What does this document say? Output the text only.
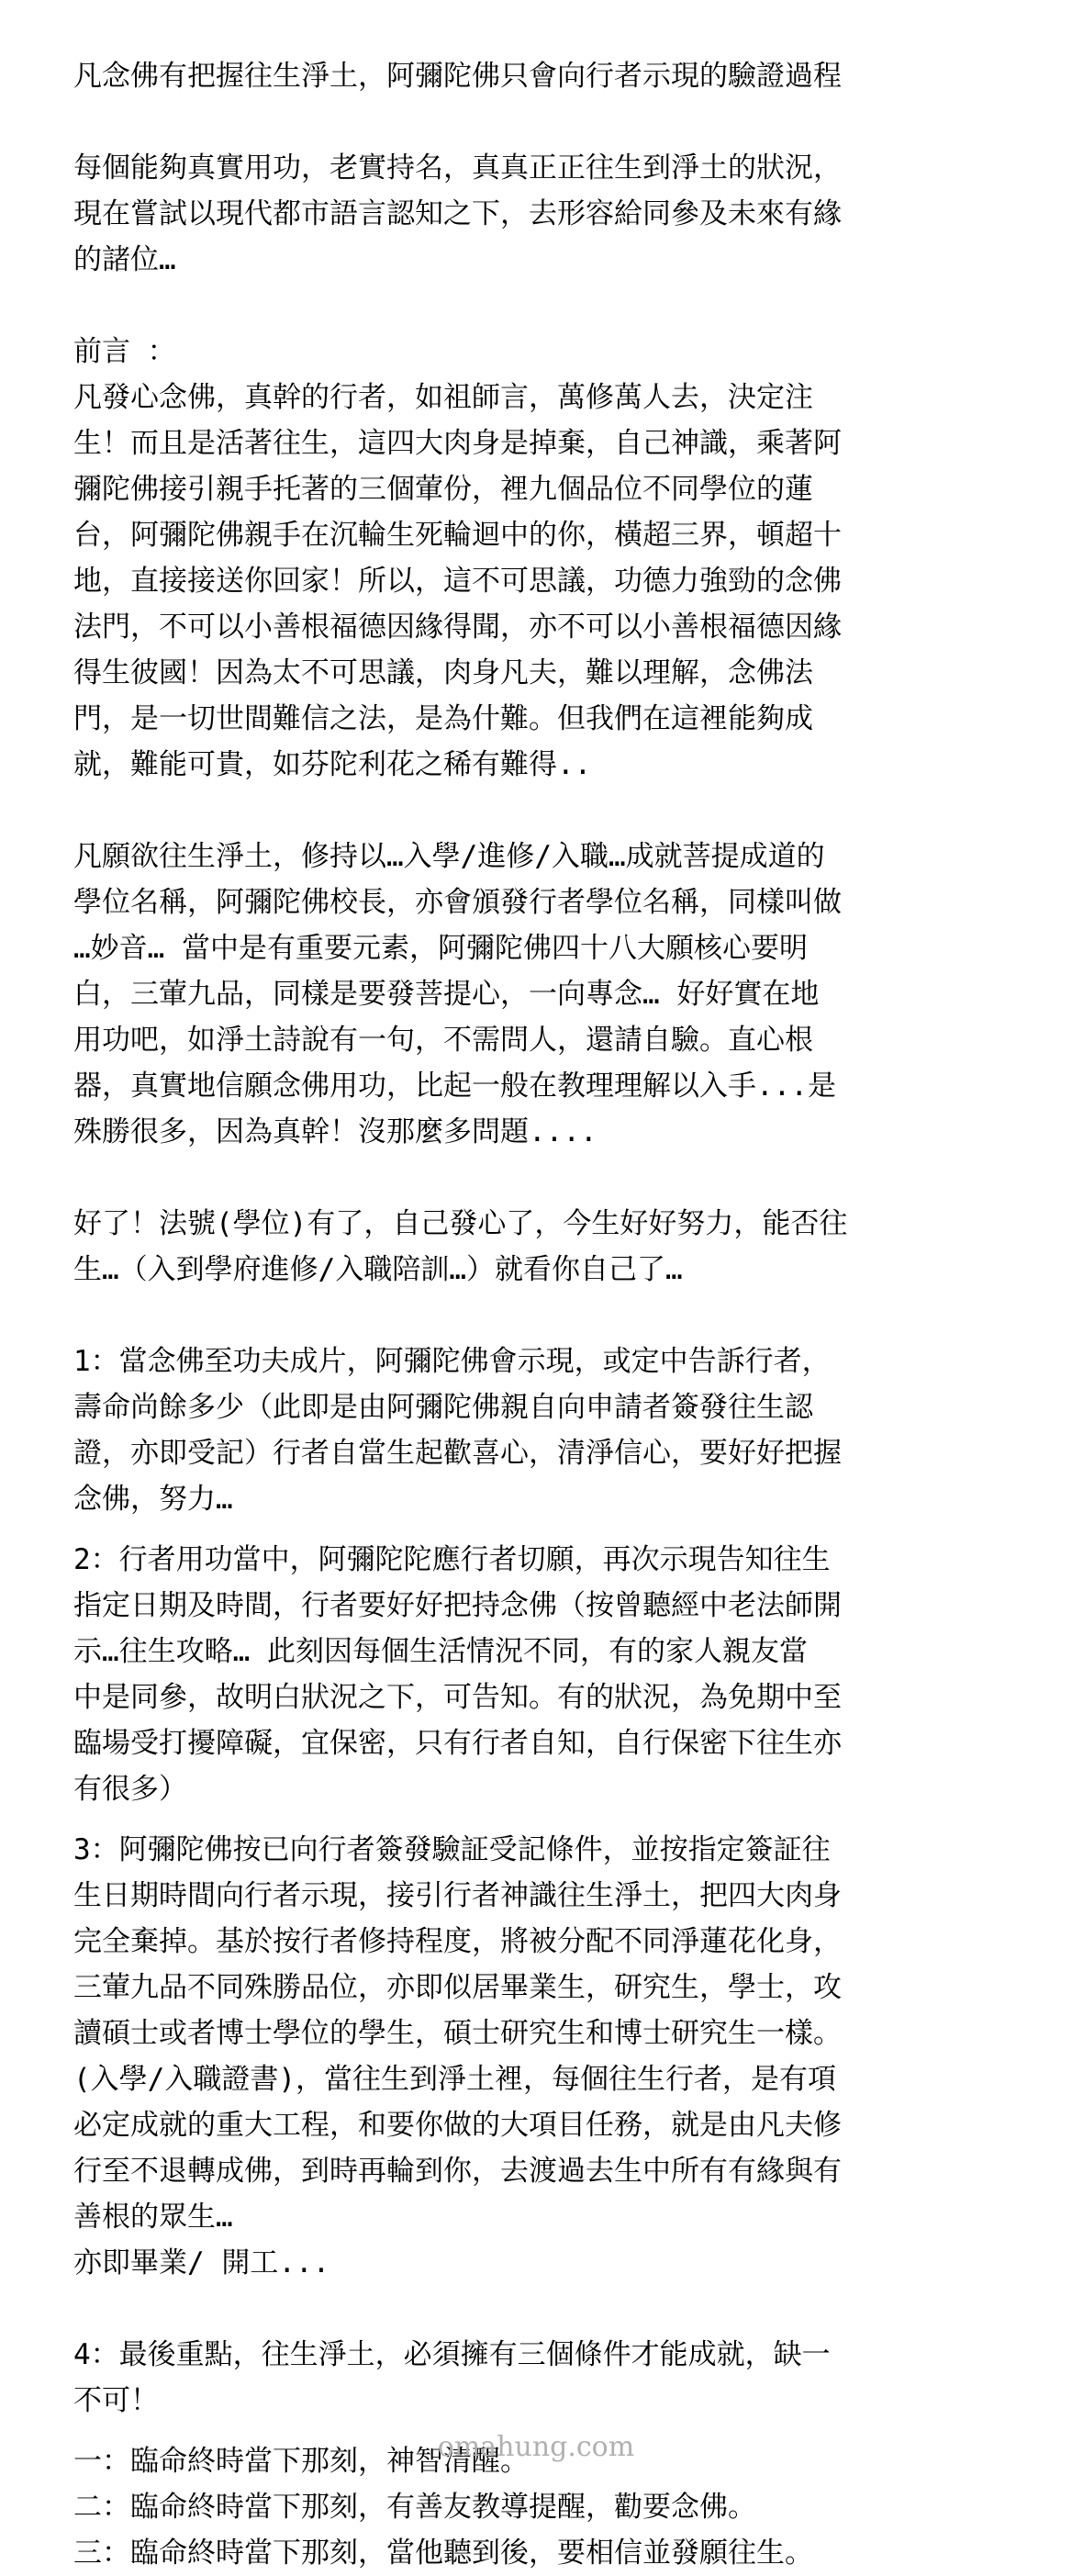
凡念佛有把握往生淨土，阿彌陀佛只會向行者示現的驗證過程
每個能夠真實用功，老實持名，真真正正往生到淨土的狀況，
現在嘗試以現代都市語言認知之下，去形容給同參及未來有緣
的諸位…
前言 ：
凡發心念佛，真幹的行者，如祖師言，萬修萬人去，決定注
生！而且是活著往生，這四大肉身是掉棄，自己神識，乘著阿
彌陀佛接引親手托著的三個葷份，裡九個品位不同學位的蓮
台，阿彌陀佛親手在沉輪生死輪迴中的你，橫超三界，頓超十
地，直接接送你回家！所以，這不可思議，功德力強勁的念佛
法門，不可以小善根福德因緣得聞，亦不可以小善根福德因緣
得生彼國！因為太不可思議，肉身凡夫，難以理解，念佛法
門，是一切世間難信之法，是為什難。但我們在這裡能夠成
就，難能可貴，如芬陀利花之稀有難得..
凡願欲往生淨土，修持以…入學/進修/入職…成就菩提成道的
學位名稱，阿彌陀佛校長，亦會頒發行者學位名稱，同樣叫做
…妙音… 當中是有重要元素，阿彌陀佛四十八大願核心要明
白，三葷九品，同樣是要發菩提心，一向專念… 好好實在地
用功吧，如淨土詩說有一句，不需問人，還請自驗。直心根
器，真實地信願念佛用功，比起一般在教理理解以入手...是
殊勝很多，因為真幹！沒那麼多問題....
好了！法號(學位)有了，自己發心了，今生好好努力，能否往
生…（入到學府進修/入職陪訓…）就看你自己了…
1：當念佛至功夫成片，阿彌陀佛會示現，或定中告訴行者，
壽命尚餘多少（此即是由阿彌陀佛親自向申請者簽發往生認
證，亦即受記）行者自當生起歡喜心，清淨信心，要好好把握
念佛，努力…
2：行者用功當中，阿彌陀陀應行者切願，再次示現告知往生
指定日期及時間，行者要好好把持念佛（按曾聽經中老法師開
示…往生攻略… 此刻因每個生活情況不同，有的家人親友當
中是同參，故明白狀況之下，可告知。有的狀況，為免期中至
臨場受打擾障礙，宜保密，只有行者自知，自行保密下往生亦
有很多）
3：阿彌陀佛按已向行者簽發驗証受記條件，並按指定簽証往
生日期時間向行者示現，接引行者神識往生淨土，把四大肉身
完全棄掉。基於按行者修持程度，將被分配不同淨蓮花化身，
三葷九品不同殊勝品位，亦即似居畢業生，研究生，學士，攻
讀碩士或者博士學位的學生，碩士研究生和博士研究生一樣。
(入學/入職證書)，當往生到淨土裡，每個往生行者，是有項
必定成就的重大工程，和要你做的大項目任務，就是由凡夫修
行至不退轉成佛，到時再輪到你，去渡過去生中所有有緣與有
善根的眾生…
亦即畢業/ 開工...
4：最後重點，往生淨土，必須擁有三個條件才能成就，缺一
不可！
一：臨命終時當下那刻，神智清醒。
二：臨命終時當下那刻，有善友教導提醒，勸要念佛。
三：臨命終時當下那刻，當他聽到後，要相信並發願往生。
omahung.com
